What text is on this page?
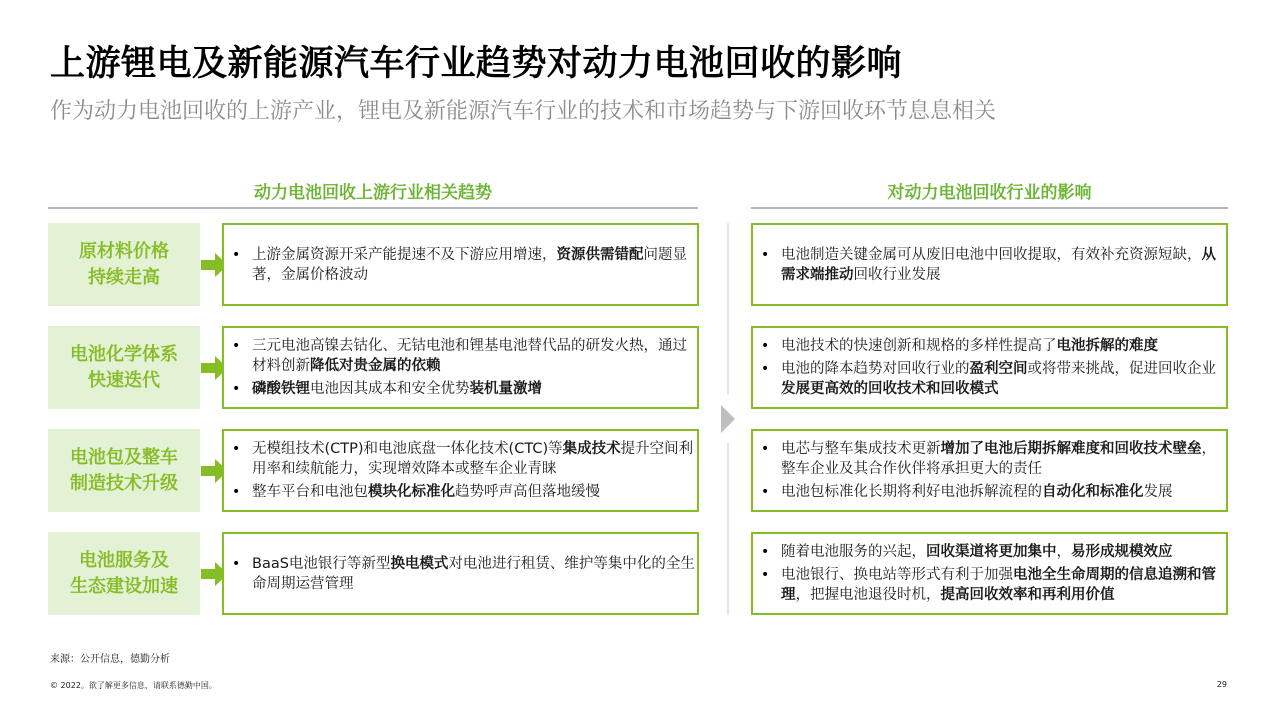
上游锂电及新能源汽车行业趋势对动力电池回收的影响
作为动力电池回收的上游产业，锂电及新能源汽车行业的技术和市场趋势与下游回收环节息息相关
动力电池回收上游行业相关趋势	对动力电池回收行业的影响
原材料价格
持续走高
• 上游金属资源开采产能提速不及下游应用增速，资源供需错配问题显著，金属价格波动
• 电池制造关键金属可从废旧电池中回收提取，有效补充资源短缺，从需求端推动回收行业发展
电池化学体系
快速迭代
• 三元电池高镍去钴化、无钴电池和锂基电池替代品的研发火热，通过材料创新降低对贵金属的依赖
• 磷酸铁锂电池因其成本和安全优势装机量激增
• 电池技术的快速创新和规格的多样性提高了电池拆解的难度
• 电池的降本趋势对回收行业的盈利空间或将带来挑战，促进回收企业发展更高效的回收技术和回收模式
电池包及整车
制造技术升级
• 无模组技术(CTP)和电池底盘一体化技术(CTC)等集成技术提升空间利用率和续航能力，实现增效降本或整车企业青睐
• 整车平台和电池包模块化标准化趋势呼声高但落地缓慢
• 电芯与整车集成技术更新增加了电池后期拆解难度和回收技术壁垒，整车企业及其合作伙伴将承担更大的责任
• 电池包标准化长期将利好电池拆解流程的自动化和标准化发展
电池服务及
生态建设加速
• BaaS电池银行等新型换电模式对电池进行租赁、维护等集中化的全生命周期运营管理
• 随着电池服务的兴起，回收渠道将更加集中，易形成规模效应
• 电池银行、换电站等形式有利于加强电池全生命周期的信息追溯和管理，把握电池退役时机，提高回收效率和再利用价值
来源：公开信息，德勤分析
© 2022。欲了解更多信息，请联系德勤中国。	29
